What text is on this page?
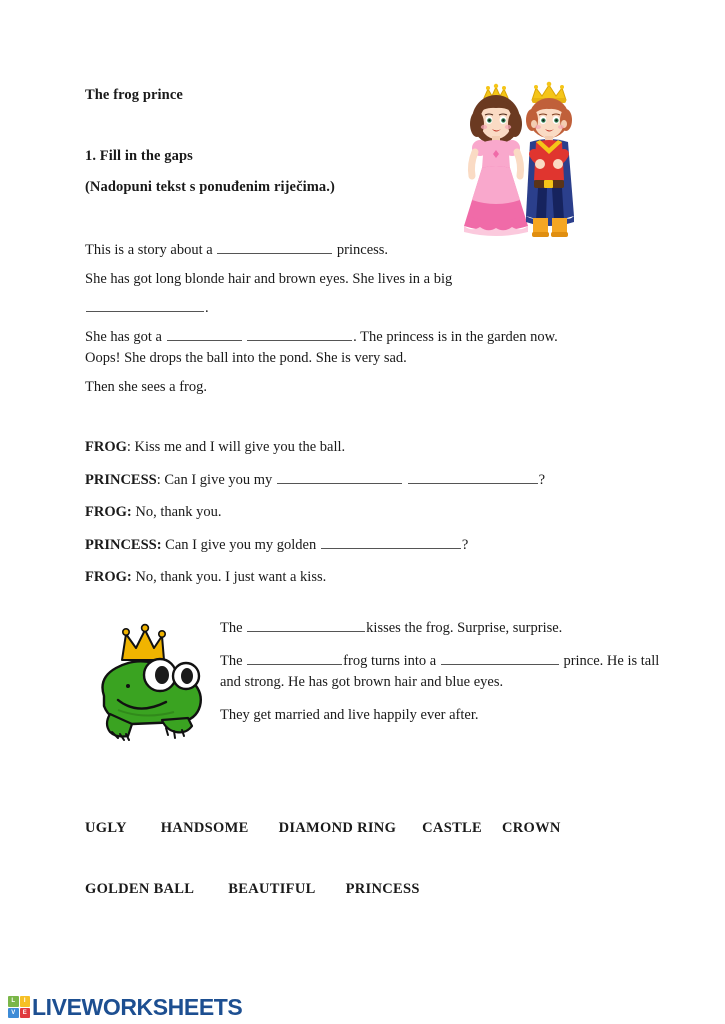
The frog prince
1. Fill in the gaps
(Nadopuni tekst s ponuđenim riječima.)

This is a story about a	princess.

She has got long blonde hair and brown eyes. She lives in a big

.

She has got a	. The princess is in the garden now.
Oops! She drops the ball into the pond. She is very sad.

Then she sees a frog.

FROG: Kiss me and I will give you the ball.

PRINCESS: Can I give you my	?

FROG: No, thank you.

PRINCESS: Can I give you my golden	?

FROG: No, thank you. I just want a kiss.

The	kisses the frog. Surprise, surprise.

The	frog turns into a	prince. He is tall and strong. He has got brown hair and blue eyes.

They get married and live happily ever after.

UGLY HANDSOME DIAMOND RING CASTLE CROWN
GOLDEN BALL BEAUTIFUL PRINCESS
L	I
V	E LIVEWORKSHEETS
